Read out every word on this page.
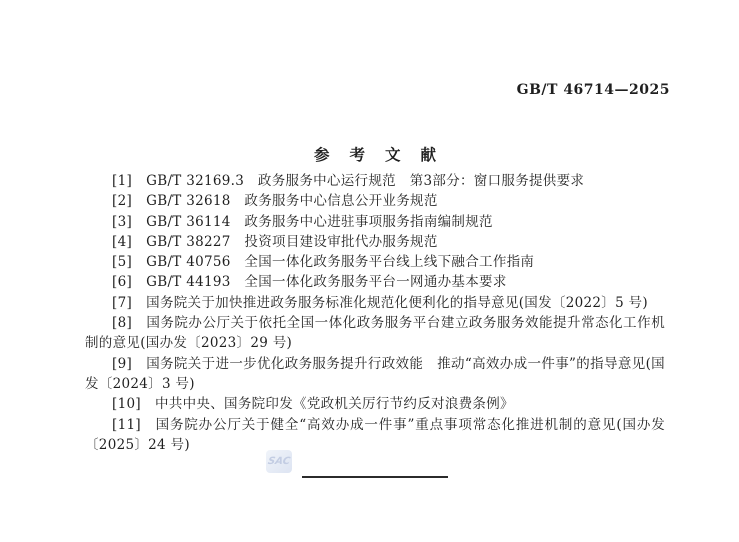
GB/T 46714—2025
参考文献

[1]   GB/T 32169.3　政务服务中心运行规范　第3部分：窗口服务提供要求

[2]   GB/T 32618　政务服务中心信息公开业务规范

[3]   GB/T 36114　政务服务中心进驻事项服务指南编制规范

[4]   GB/T 38227　投资项目建设审批代办服务规范

[5]   GB/T 40756　全国一体化政务服务平台线上线下融合工作指南

[6]   GB/T 44193　全国一体化政务服务平台一网通办基本要求

[7]   国务院关于加快推进政务服务标准化规范化便利化的指导意见(国发〔2022〕5 号)

[8]   国务院办公厅关于依托全国一体化政务服务平台建立政务服务效能提升常态化工作机制的意见(国办发〔2023〕29 号)

[9]   国务院关于进一步优化政务服务提升行政效能　推动“高效办成一件事”的指导意见(国发〔2024〕3 号)

[10]   中共中央、国务院印发《党政机关厉行节约反对浪费条例》

[11]   国务院办公厅关于健全“高效办成一件事”重点事项常态化推进机制的意见(国办发〔2025〕24 号)

SAC
